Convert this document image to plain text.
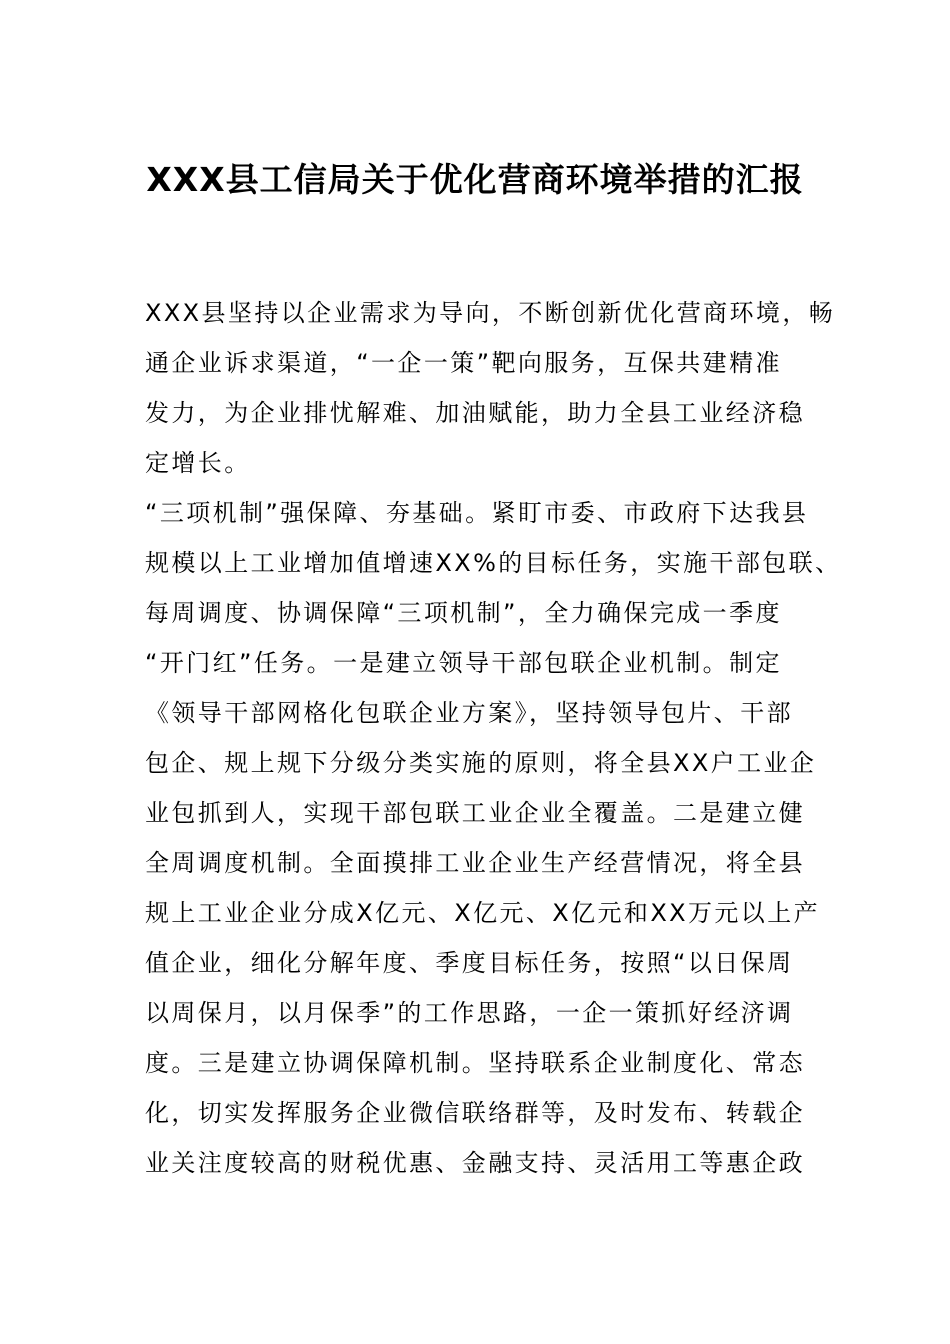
XXX县工信局关于优化营商环境举措的汇报
XXX县坚持以企业需求为导向，不断创新优化营商环境，畅
通企业诉求渠道，“一企一策”靶向服务，互保共建精准
发力，为企业排忧解难、加油赋能，助力全县工业经济稳
定增长。
“三项机制”强保障、夯基础。紧盯市委、市政府下达我县
规模以上工业增加值增速XX%的目标任务，实施干部包联、
每周调度、协调保障“三项机制”，全力确保完成一季度
“开门红”任务。一是建立领导干部包联企业机制。制定
《领导干部网格化包联企业方案》，坚持领导包片、干部
包企、规上规下分级分类实施的原则，将全县XX户工业企
业包抓到人，实现干部包联工业企业全覆盖。二是建立健
全周调度机制。全面摸排工业企业生产经营情况，将全县
规上工业企业分成X亿元、X亿元、X亿元和XX万元以上产
值企业，细化分解年度、季度目标任务，按照“以日保周
以周保月，以月保季”的工作思路，一企一策抓好经济调
度。三是建立协调保障机制。坚持联系企业制度化、常态
化，切实发挥服务企业微信联络群等，及时发布、转载企
业关注度较高的财税优惠、金融支持、灵活用工等惠企政
